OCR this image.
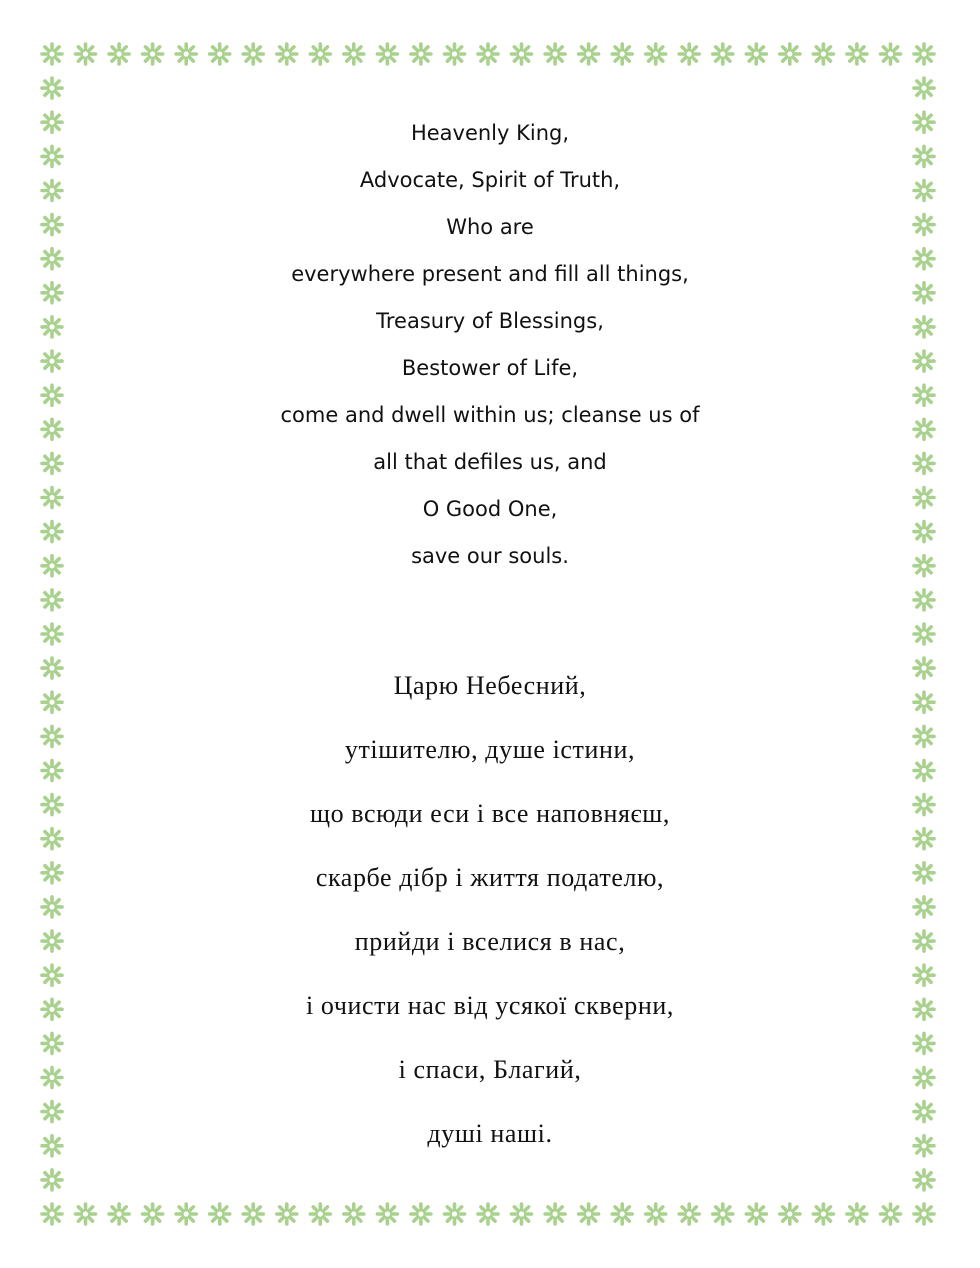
Heavenly King,
Advocate, Spirit of Truth,
Who are
everywhere present and fill all things,
Treasury of Blessings,
Bestower of Life,
come and dwell within us; cleanse us of
all that defiles us, and
O Good One,
save our souls.
Царю Небесний,
утішителю, душе істини,
що всюди еси і все наповняєш,
скарбе дібр і життя подателю,
прийди і вселися в нас,
і очисти нас від усякої скверни,
і спаси, Благий,
душі наші.
